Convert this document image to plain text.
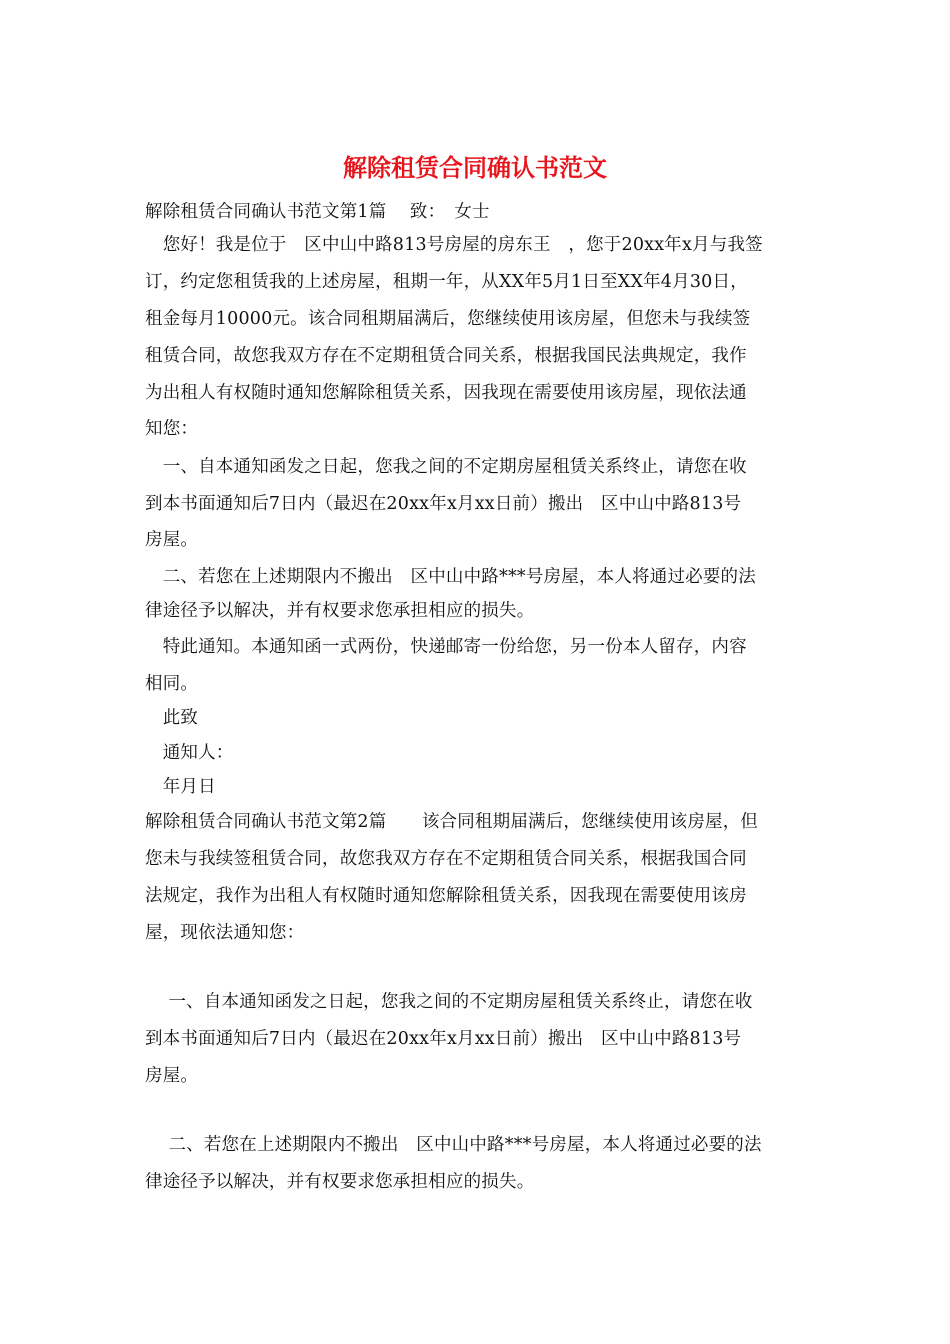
解除租赁合同确认书范文
解除租赁合同确认书范文第1篇　 致：　女士
　您好！我是位于　区中山中路813号房屋的房东王　，您于20xx年x月与我签
订，约定您租赁我的上述房屋，租期一年，从XX年5月1日至XX年4月30日，
租金每月10000元。该合同租期届满后，您继续使用该房屋，但您未与我续签
租赁合同，故您我双方存在不定期租赁合同关系，根据我国民法典规定，我作
为出租人有权随时通知您解除租赁关系，因我现在需要使用该房屋，现依法通
知您：
　一、自本通知函发之日起，您我之间的不定期房屋租赁关系终止，请您在收
到本书面通知后7日内（最迟在20xx年x月xx日前）搬出　区中山中路813号
房屋。
　二、若您在上述期限内不搬出　区中山中路***号房屋，本人将通过必要的法
律途径予以解决，并有权要求您承担相应的损失。
　特此通知。本通知函一式两份，快递邮寄一份给您，另一份本人留存，内容
相同。
　此致
　通知人：
　年月日
解除租赁合同确认书范文第2篇　　该合同租期届满后，您继续使用该房屋，但
您未与我续签租赁合同，故您我双方存在不定期租赁合同关系，根据我国合同
法规定，我作为出租人有权随时通知您解除租赁关系，因我现在需要使用该房
屋，现依法通知您：
　 一、自本通知函发之日起，您我之间的不定期房屋租赁关系终止，请您在收
到本书面通知后7日内（最迟在20xx年x月xx日前）搬出　区中山中路813号
房屋。
　 二、若您在上述期限内不搬出　区中山中路***号房屋，本人将通过必要的法
律途径予以解决，并有权要求您承担相应的损失。
